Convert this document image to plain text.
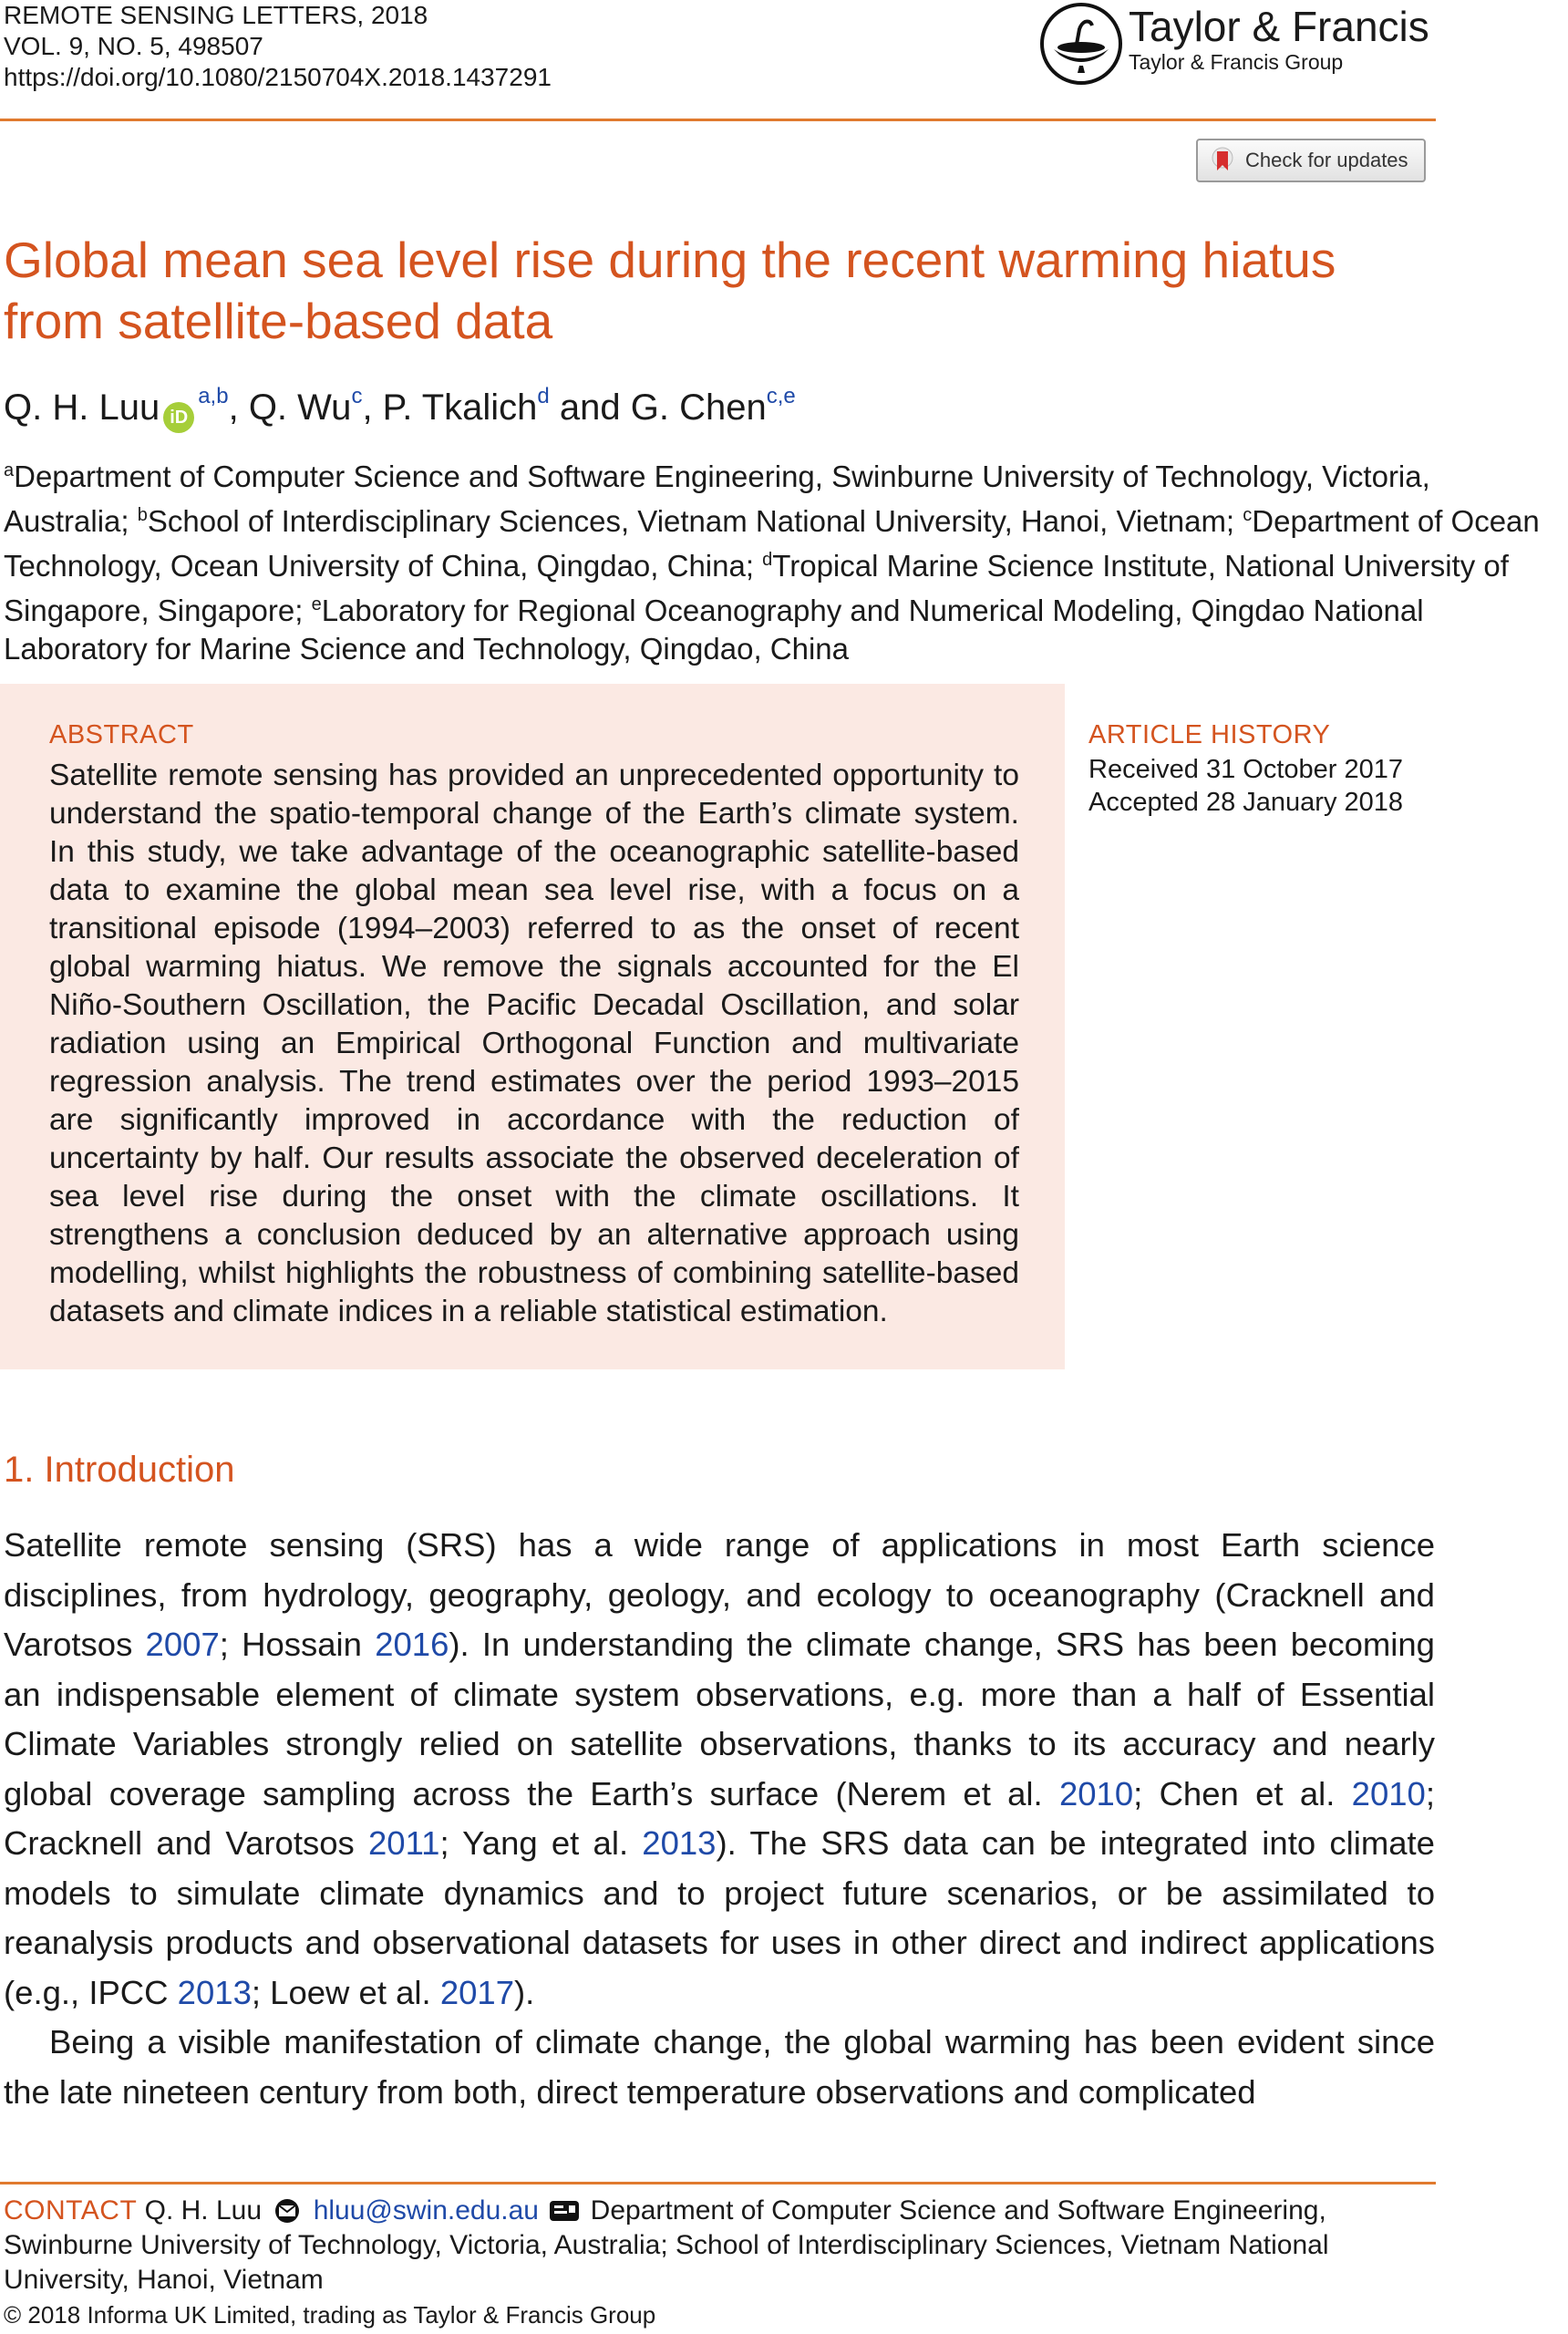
REMOTE SENSING LETTERS, 2018
VOL. 9, NO. 5, 498507
https://doi.org/10.1080/2150704X.2018.1437291
Taylor & Francis
Taylor & Francis Group
Check for updates
Global mean sea level rise during the recent warming hiatus from satellite-based data
Q. H. Luu iD$^{a,b}$, Q. Wu$^c$, P. Tkalich$^d$ and G. Chen$^{c,e}$
$^a$Department of Computer Science and Software Engineering, Swinburne University of Technology, Victoria, Australia; $^b$School of Interdisciplinary Sciences, Vietnam National University, Hanoi, Vietnam; $^c$Department of Ocean Technology, Ocean University of China, Qingdao, China; $^d$Tropical Marine Science Institute, National University of Singapore, Singapore; $^e$Laboratory for Regional Oceanography and Numerical Modeling, Qingdao National Laboratory for Marine Science and Technology, Qingdao, China
ABSTRACT
Satellite remote sensing has provided an unprecedented opportunity to understand the spatio-temporal change of the Earth’s climate system. In this study, we take advantage of the oceanographic satellite-based data to examine the global mean sea level rise, with a focus on a transitional episode (1994–2003) referred to as the onset of recent global warming hiatus. We remove the signals accounted for the El Niño-Southern Oscillation, the Pacific Decadal Oscillation, and solar radiation using an Empirical Orthogonal Function and multivariate regression analysis. The trend estimates over the period 1993–2015 are significantly improved in accordance with the reduction of uncertainty by half. Our results associate the observed deceleration of sea level rise during the onset with the climate oscillations. It strengthens a conclusion deduced by an alternative approach using modelling, whilst highlights the robustness of combining satellite-based datasets and climate indices in a reliable statistical estimation.
ARTICLE HISTORY
Received 31 October 2017
Accepted 28 January 2018
1. Introduction

Satellite remote sensing (SRS) has a wide range of applications in most Earth science disciplines, from hydrology, geography, geology, and ecology to oceanography (Cracknell and Varotsos 2007; Hossain 2016). In understanding the climate change, SRS has been becoming an indispensable element of climate system observations, e.g. more than a half of Essential Climate Variables strongly relied on satellite observations, thanks to its accuracy and nearly global coverage sampling across the Earth’s surface (Nerem et al. 2010; Chen et al. 2010; Cracknell and Varotsos 2011; Yang et al. 2013). The SRS data can be integrated into climate models to simulate climate dynamics and to project future scenarios, or be assimilated to reanalysis products and observational datasets for uses in other direct and indirect applications (e.g., IPCC 2013; Loew et al. 2017).

Being a visible manifestation of climate change, the global warming has been evident since the late nineteen century from both, direct temperature observations and complicated

CONTACT Q. H. Luu hluu@swin.edu.au Department of Computer Science and Software Engineering, Swinburne University of Technology, Victoria, Australia; School of Interdisciplinary Sciences, Vietnam National University, Hanoi, Vietnam
© 2018 Informa UK Limited, trading as Taylor & Francis Group
